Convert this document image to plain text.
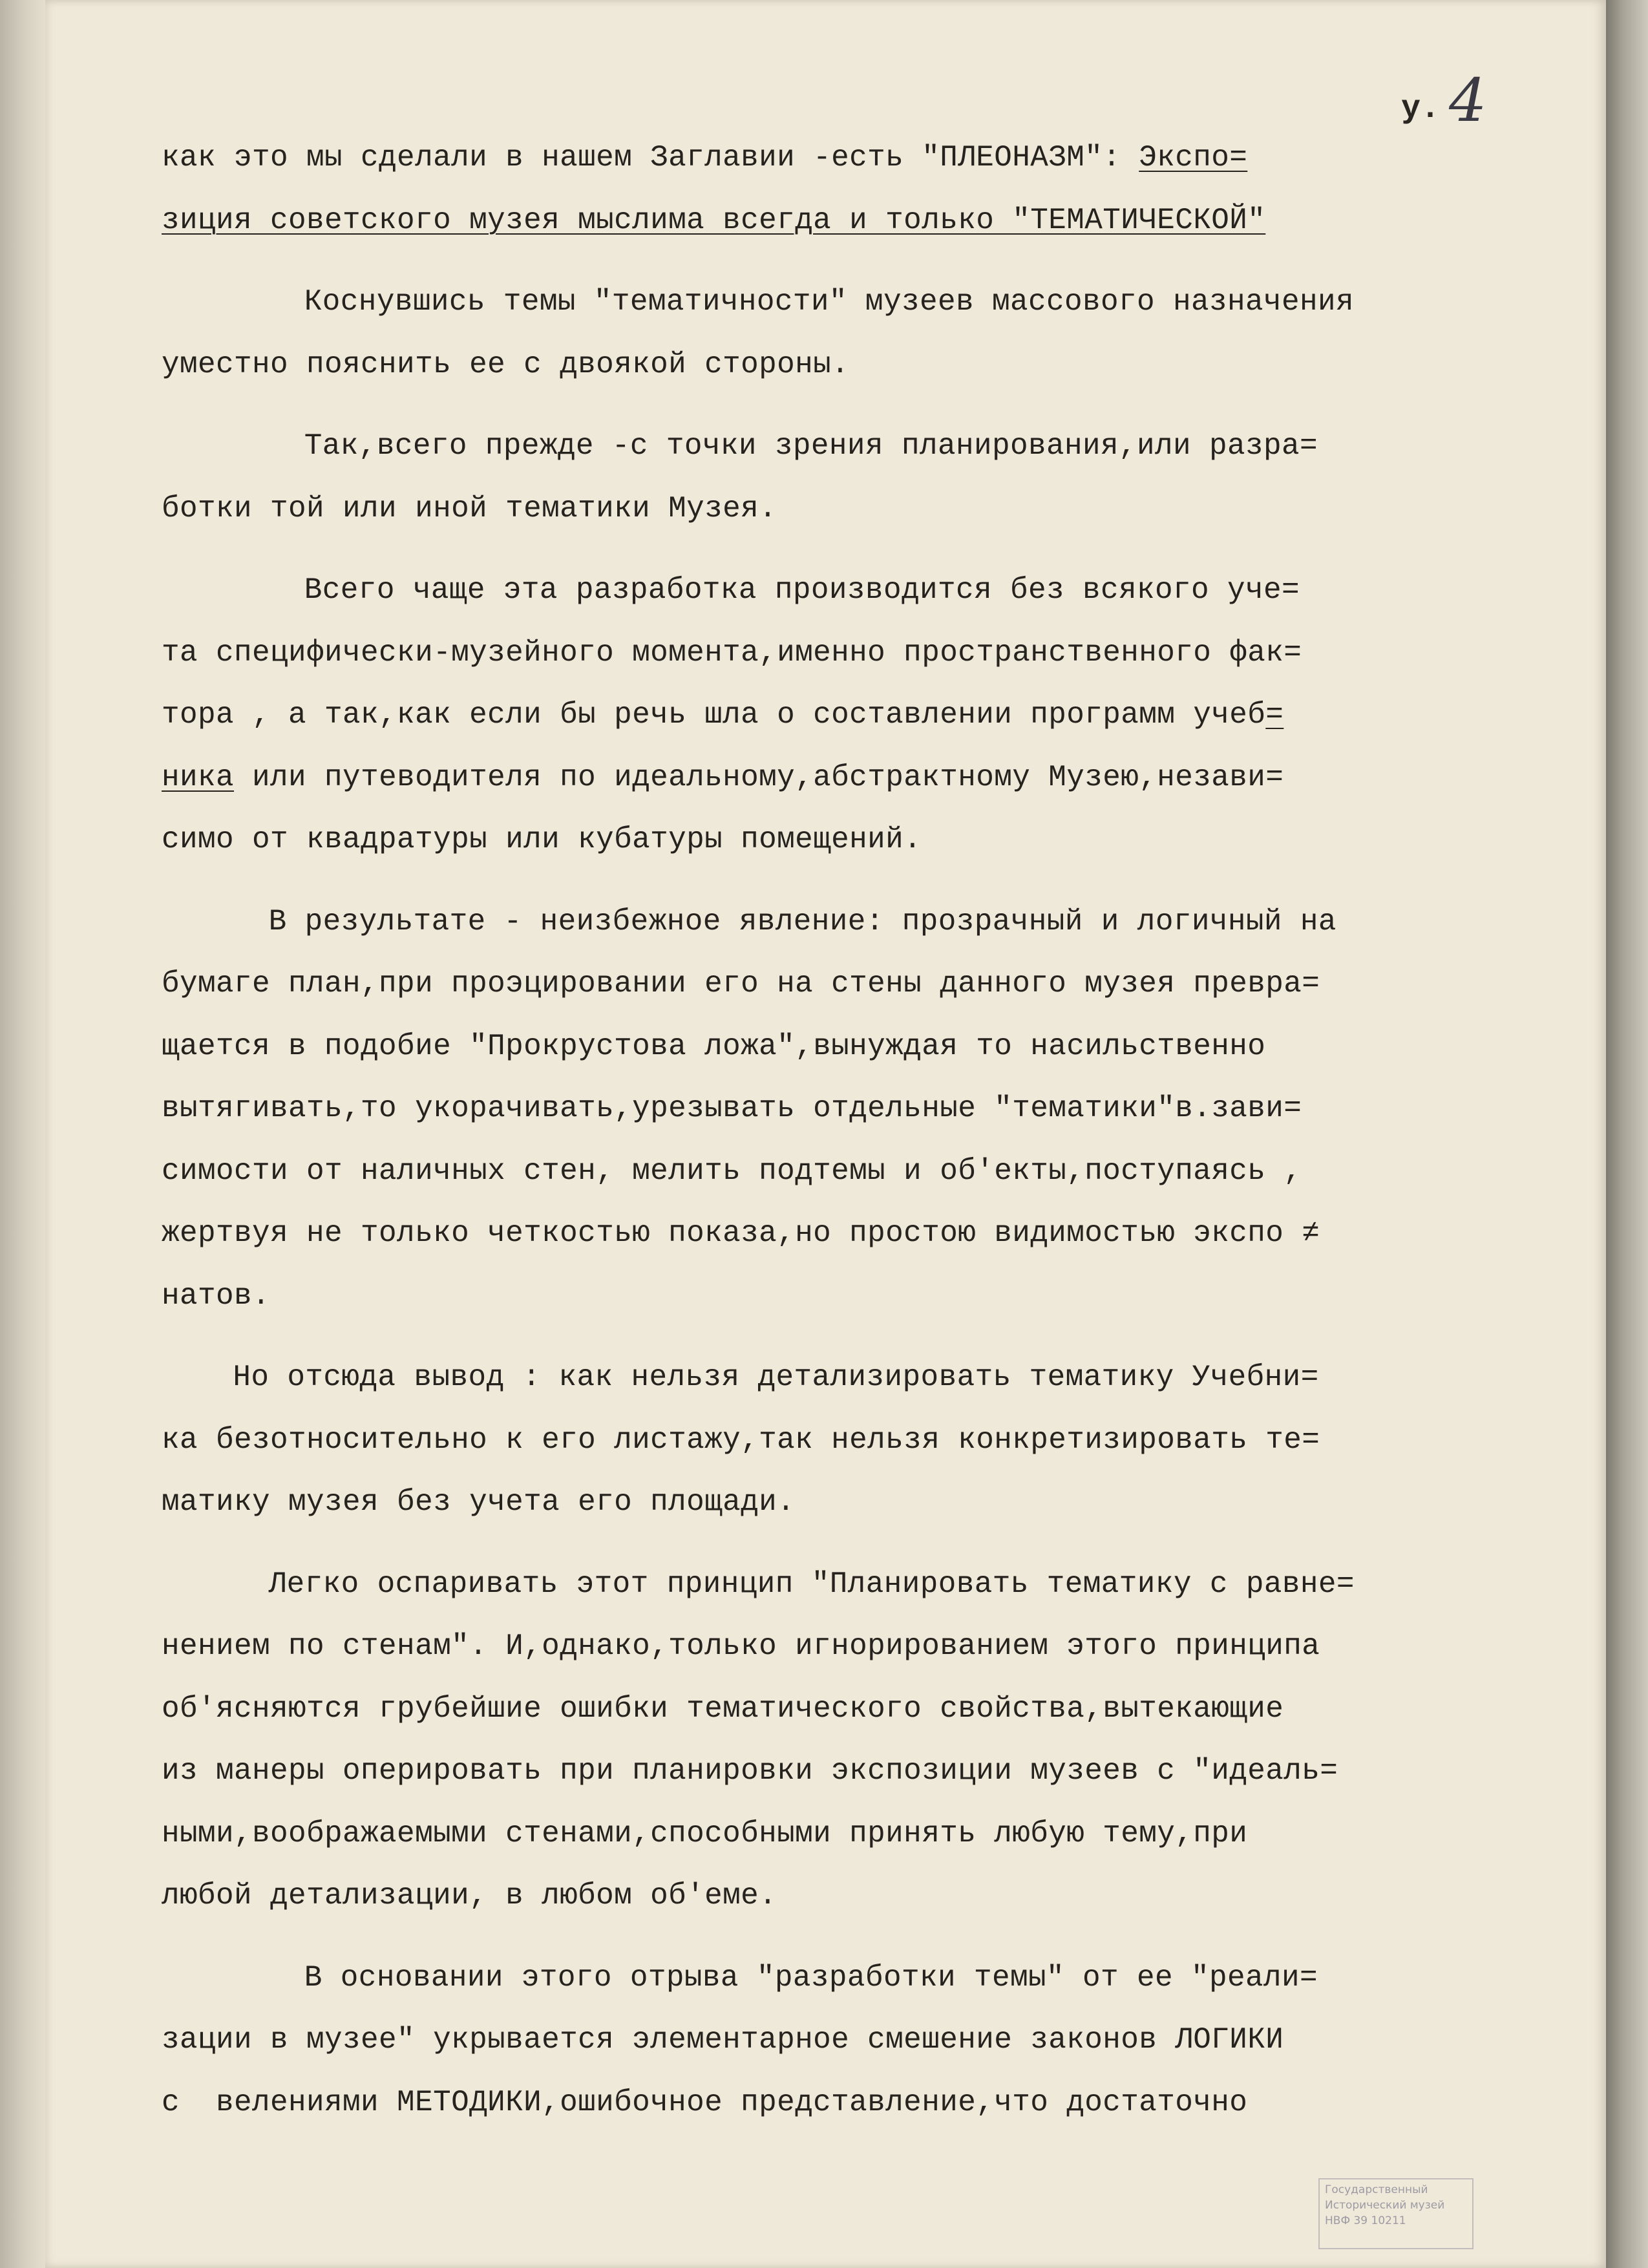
у. 4
как это мы сделали в нашем Заглавии -есть "ПЛЕОНАЗМ": Экспо=
зиция советского музея мыслима всегда и только "ТЕМАТИЧЕСКОЙ"
Коснувшись темы "тематичности" музеев массового назначения
уместно пояснить ее с двоякой стороны.
Так,всего прежде -с точки зрения планирования,или разра=
ботки той или иной тематики Музея.
Всего чаще эта разработка производится без всякого уче=
та специфически-музейного момента,именно пространственного фак=
тора , а так,как если бы речь шла о составлении программ учеб=
ника или путеводителя по идеальному,абстрактному Музею,незави=
симо от квадратуры или кубатуры помещений.
В результате - неизбежное явление: прозрачный и логичный на
бумаге план,при проэцировании его на стены данного музея превра=
щается в подобие "Прокрустова ложа",вынуждая то насильственно
вытягивать,то укорачивать,урезывать отдельные "тематики"в.зави=
симости от наличных стен, мелить подтемы и об'екты,поступаясь ,
жертвуя не только четкостью показа,но простою видимостью экспо ≠
натов.
Но отсюда вывод : как нельзя детализировать тематику Учебни=
ка безотносительно к его листажу,так нельзя конкретизировать те=
матику музея без учета его площади.
Легко оспаривать этот принцип "Планировать тематику с равне=
нением по стенам". И,однако,только игнорированием этого принципа
об'ясняются грубейшие ошибки тематического свойства,вытекающие
из манеры оперировать при планировки экспозиции музеев с "идеаль=
ными,воображаемыми стенами,способными принять любую тему,при
любой детализации, в любом об'еме.
В основании этого отрыва "разработки темы" от ее "реали=
зации в музее" укрывается элементарное смешение законов ЛОГИКИ
с  велениями МЕТОДИКИ,ошибочное представление,что достаточно
Государственный
Исторический музей
НВФ 39 10211
